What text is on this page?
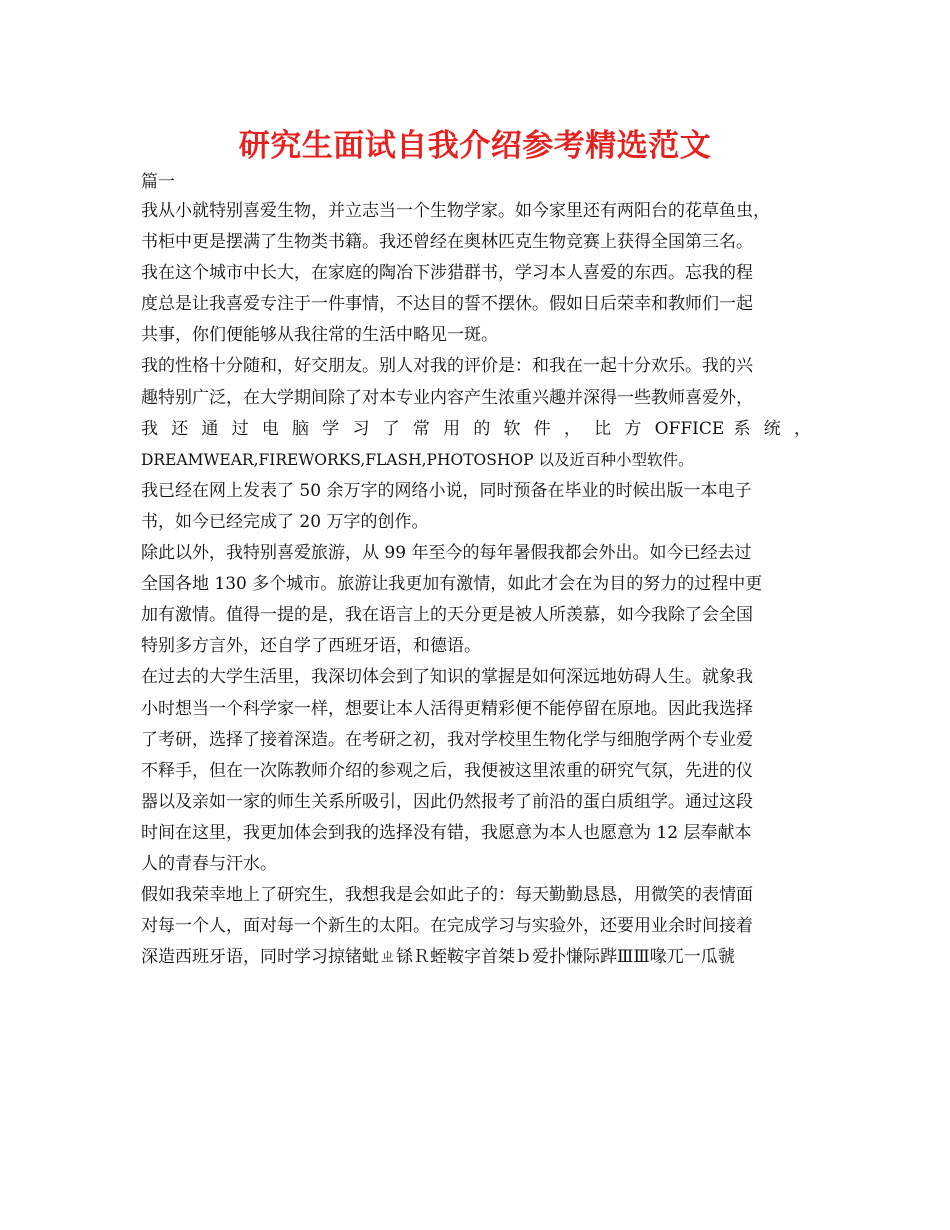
研究生面试自我介绍参考精选范文
篇一
我从小就特别喜爱生物，并立志当一个生物学家。如今家里还有两阳台的花草鱼虫，
书柜中更是摆满了生物类书籍。我还曾经在奥林匹克生物竞赛上获得全国第三名。
我在这个城市中长大，在家庭的陶冶下涉猎群书，学习本人喜爱的东西。忘我的程
度总是让我喜爱专注于一件事情，不达目的誓不摆休。假如日后荣幸和教师们一起
共事，你们便能够从我往常的生活中略见一斑。
我的性格十分随和，好交朋友。别人对我的评价是：和我在一起十分欢乐。我的兴
趣特别广泛，在大学期间除了对本专业内容产生浓重兴趣并深得一些教师喜爱外，
我 还 通 过 电 脑 学 习 了 常 用 的 软 件 ， 比 方 OFFICE 系 统 ，
DREAMWEAR,FIREWORKS,FLASH,PHOTOSHOP 以及近百种小型软件。
我已经在网上发表了 50 余万字的网络小说，同时预备在毕业的时候出版一本电子
书，如今已经完成了 20 万字的创作。
除此以外，我特别喜爱旅游，从 99 年至今的每年暑假我都会外出。如今已经去过
全国各地 130 多个城市。旅游让我更加有激情，如此才会在为目的努力的过程中更
加有激情。值得一提的是，我在语言上的天分更是被人所羡慕，如今我除了会全国
特别多方言外，还自学了西班牙语，和德语。
在过去的大学生活里，我深切体会到了知识的掌握是如何深远地妨碍人生。就象我
小时想当一个科学家一样，想要让本人活得更精彩便不能停留在原地。因此我选择
了考研，选择了接着深造。在考研之初，我对学校里生物化学与细胞学两个专业爱
不释手，但在一次陈教师介绍的参观之后，我便被这里浓重的研究气氛，先进的仪
器以及亲如一家的师生关系所吸引，因此仍然报考了前沿的蛋白质组学。通过这段
时间在这里，我更加体会到我的选择没有错，我愿意为本人也愿意为 12 层奉献本
人的青春与汗水。
假如我荣幸地上了研究生，我想我是会如此子的：每天勤勤恳恳，用微笑的表情面
对每一个人，面对每一个新生的太阳。在完成学习与实验外，还要用业余时间接着
深造西班牙语，同时学习掠锗蚍ㄓ铩Ｒ蛭鞍字首桀ｂ爱扑慊际跸ⅢⅢ喙兀一瓜虢
